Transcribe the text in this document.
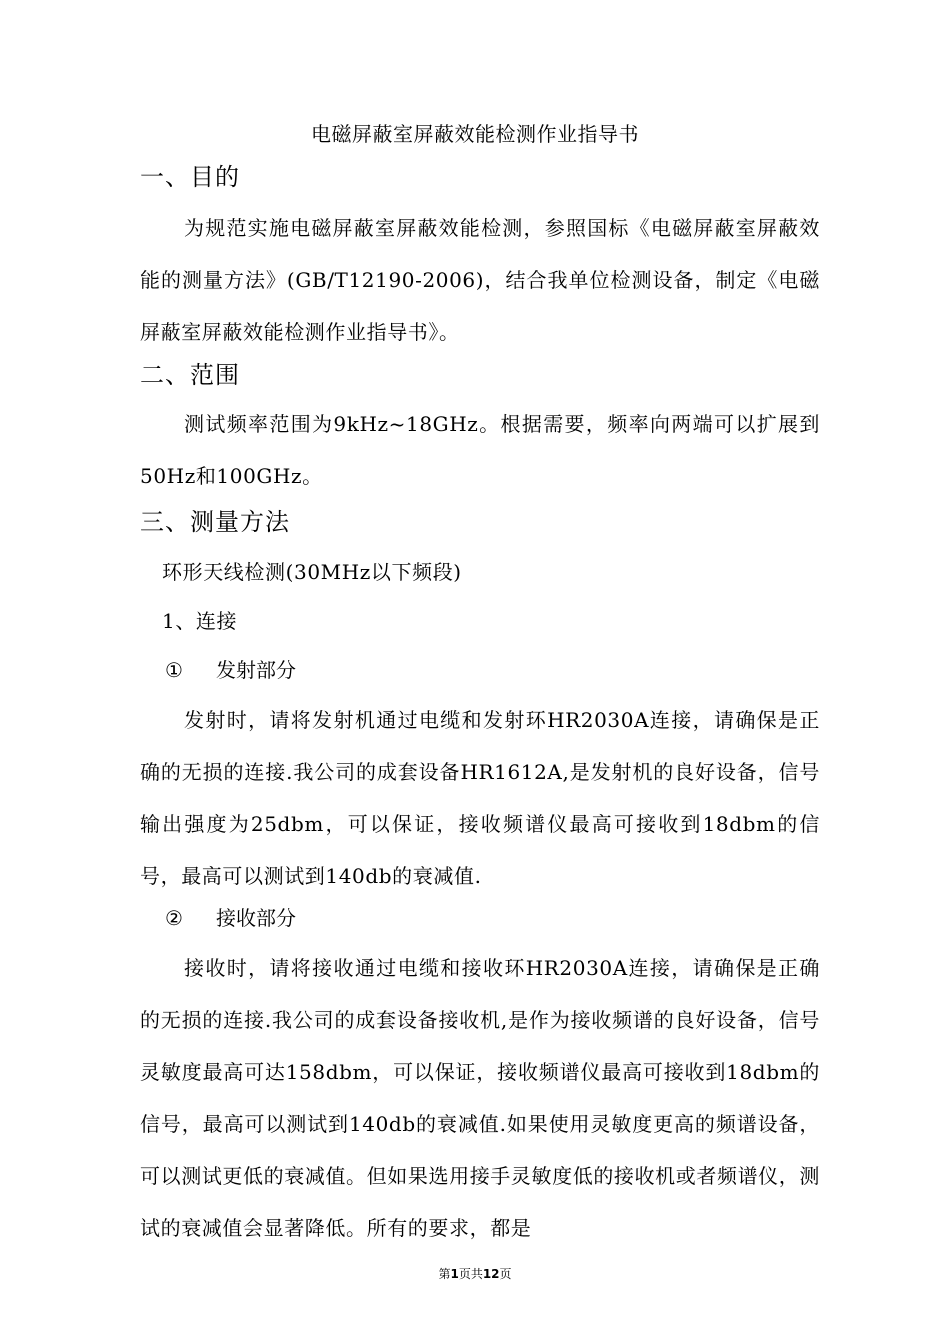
电磁屏蔽室屏蔽效能检测作业指导书
一、目的
为规范实施电磁屏蔽室屏蔽效能检测，参照国标《电磁屏蔽室屏蔽效能的测量方法》(GB/T12190-2006)，结合我单位检测设备，制定《电磁屏蔽室屏蔽效能检测作业指导书》。
二、范围
测试频率范围为9kHz~18GHz。根据需要，频率向两端可以扩展到50Hz和100GHz。
三、测量方法
环形天线检测(30MHz以下频段)
1、连接
① 发射部分
发射时，请将发射机通过电缆和发射环HR2030A连接，请确保是正确的无损的连接.我公司的成套设备HR1612A,是发射机的良好设备，信号输出强度为25dbm，可以保证，接收频谱仪最高可接收到18dbm的信号，最高可以测试到140db的衰减值.
② 接收部分
接收时，请将接收通过电缆和接收环HR2030A连接，请确保是正确的无损的连接.我公司的成套设备接收机,是作为接收频谱的良好设备，信号灵敏度最高可达158dbm，可以保证，接收频谱仪最高可接收到18dbm的信号，最高可以测试到140db的衰减值.如果使用灵敏度更高的频谱设备，可以测试更低的衰减值。但如果选用接手灵敏度低的接收机或者频谱仪，测试的衰减值会显著降低。所有的要求，都是
第1页共12页
